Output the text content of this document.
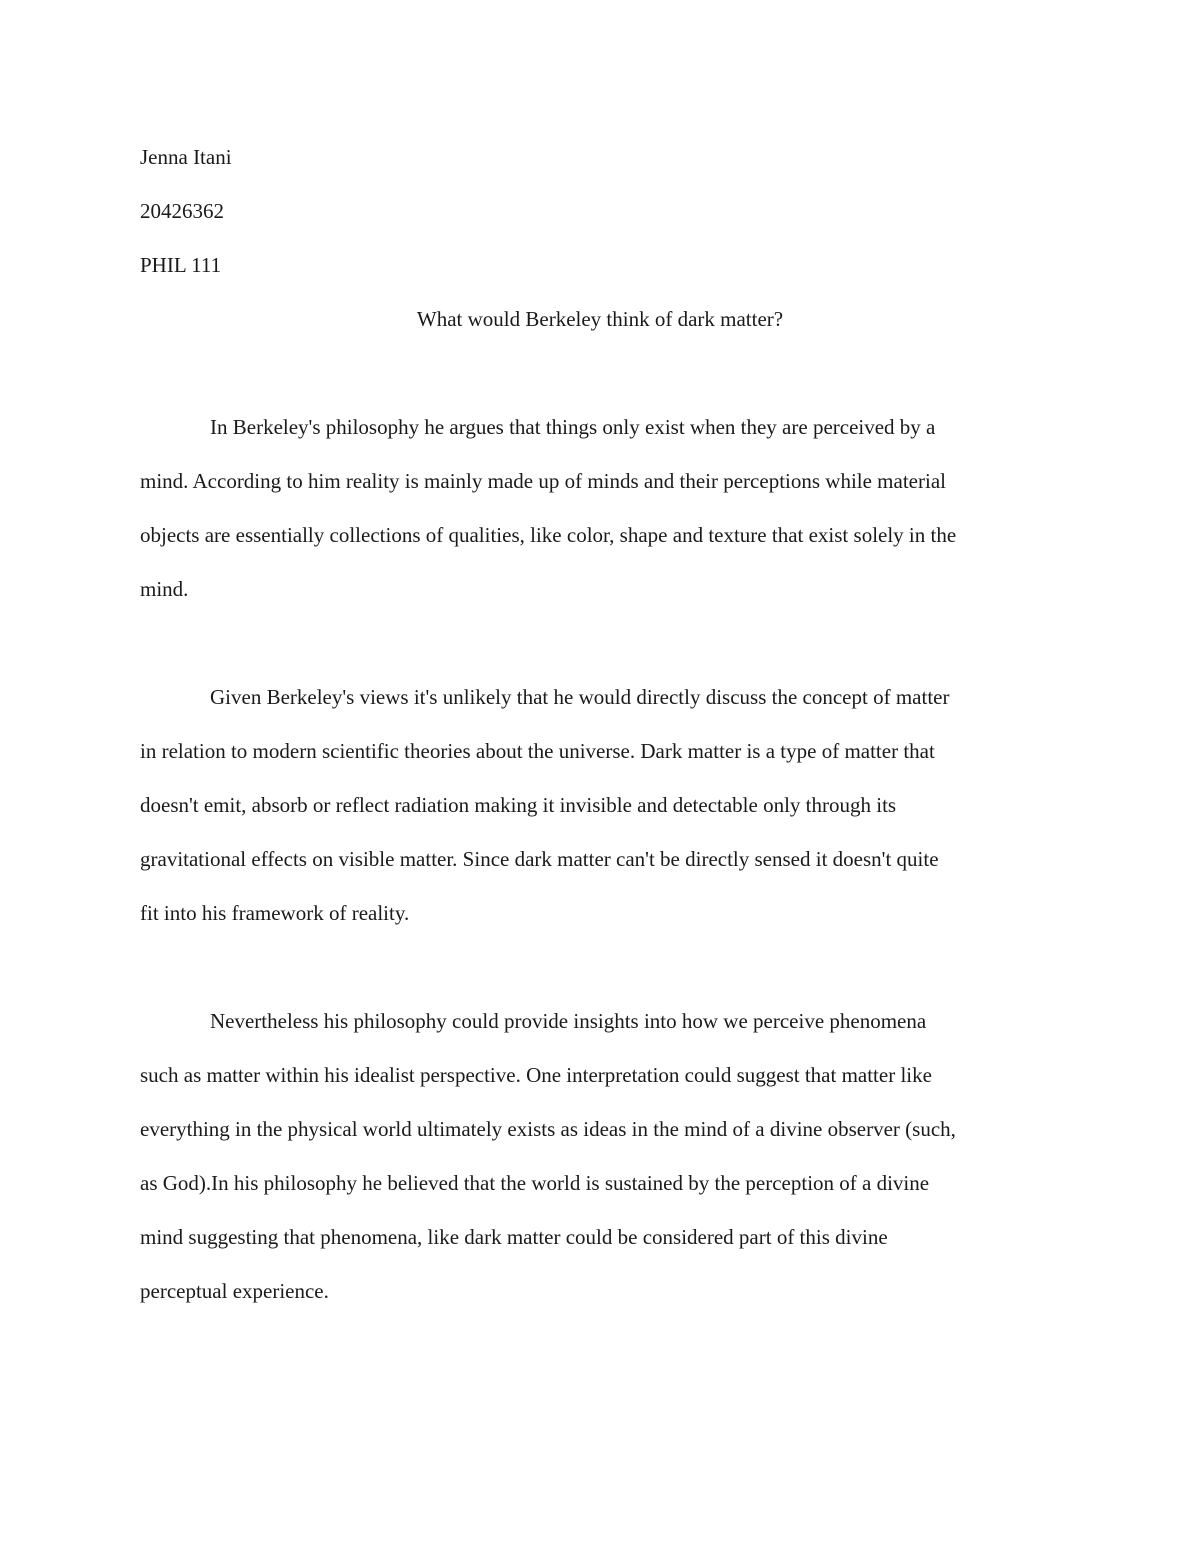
Jenna Itani
20426362
PHIL 111
What would Berkeley think of dark matter?
In Berkeley's philosophy he argues that things only exist when they are perceived by a
mind. According to him reality is mainly made up of minds and their perceptions while material
objects are essentially collections of qualities, like color, shape and texture that exist solely in the
mind.
Given Berkeley's views it's unlikely that he would directly discuss the concept of matter
in relation to modern scientific theories about the universe. Dark matter is a type of matter that
doesn't emit, absorb or reflect radiation making it invisible and detectable only through its
gravitational effects on visible matter. Since dark matter can't be directly sensed it doesn't quite
fit into his framework of reality.
Nevertheless his philosophy could provide insights into how we perceive phenomena
such as matter within his idealist perspective. One interpretation could suggest that matter like
everything in the physical world ultimately exists as ideas in the mind of a divine observer (such,
as God).In his philosophy he believed that the world is sustained by the perception of a divine
mind suggesting that phenomena, like dark matter could be considered part of this divine
perceptual experience.
